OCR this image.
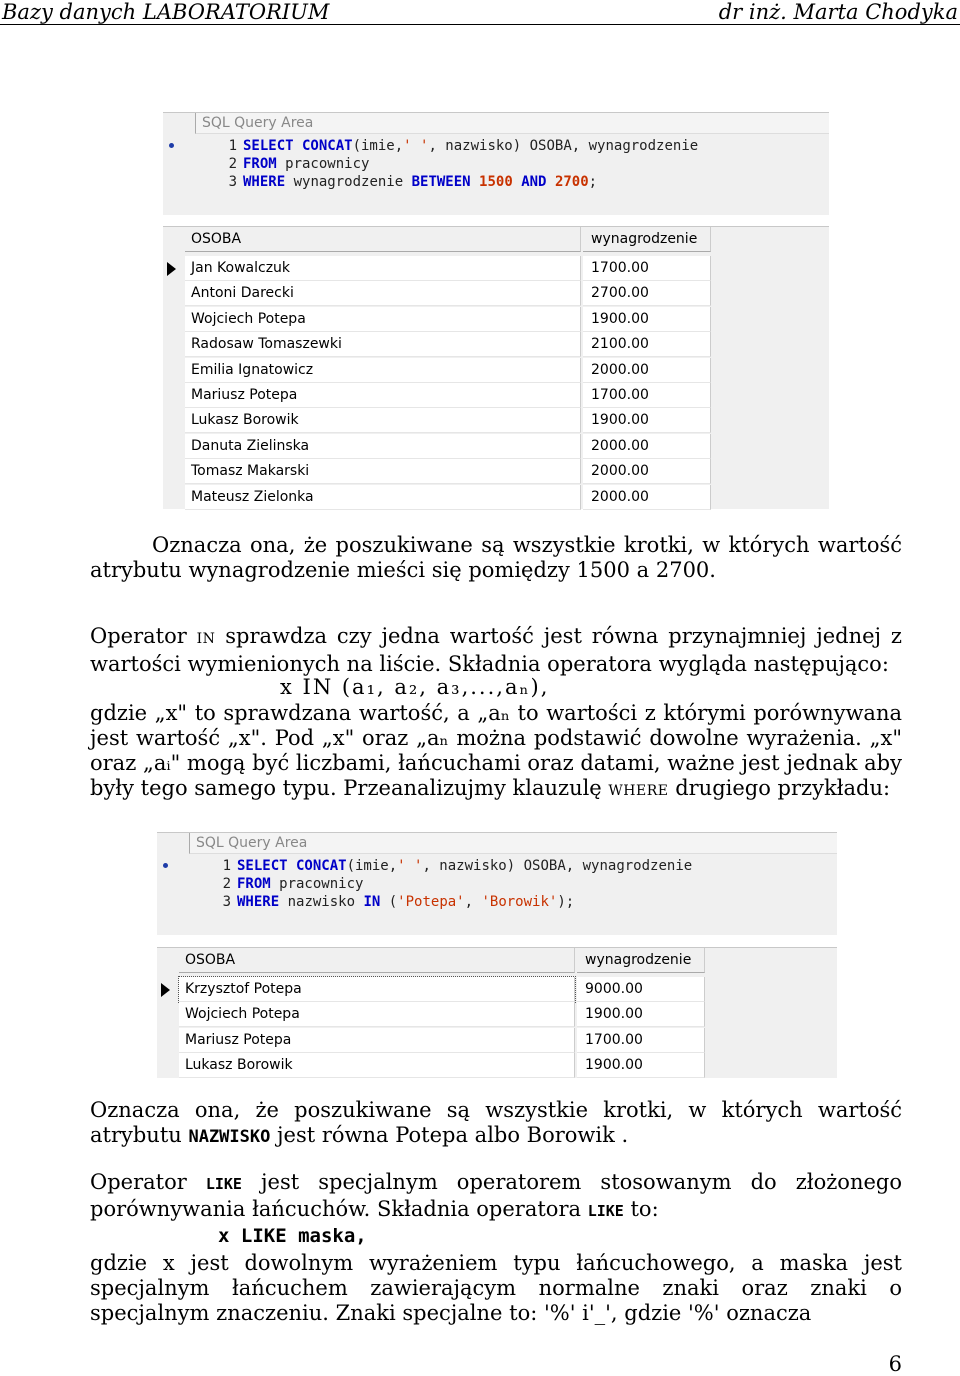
Bazy danych LABORATORIUM	dr inż. Marta Chodyka
SQL Query Area
1 SELECT CONCAT(imie,' ', nazwisko) OSOBA, wynagrodzenie
2 FROM pracownicy
3 WHERE wynagrodzenie BETWEEN 1500 AND 2700;
OSOBA	wynagrodzenie
Jan Kowalczuk	1700.00
Antoni Darecki	2700.00
Wojciech Potepa	1900.00
Radosaw Tomaszewki	2100.00
Emilia Ignatowicz	2000.00
Mariusz Potepa	1700.00
Lukasz Borowik	1900.00
Danuta Zielinska	2000.00
Tomasz Makarski	2000.00
Mateusz Zielonka	2000.00

Oznacza ona, że poszukiwane są wszystkie krotki, w których wartość atrybutu wynagrodzenie mieści się pomiędzy 1500 a 2700.

Operator IN sprawdza czy jedna wartość jest równa przynajmniej jednej z wartości wymienionych na liście. Składnia operatora wygląda następująco:

x IN (a₁, a₂, a₃,...,aₙ),

gdzie „x" to sprawdzana wartość, a „aₙ to wartości z którymi porównywana jest wartość „x". Pod „x" oraz „aₙ można podstawić dowolne wyrażenia. „x" oraz „aᵢ" mogą być liczbami, łańcuchami oraz datami, ważne jest jednak aby były tego samego typu. Przeanalizujmy klauzulę WHERE drugiego przykładu:

SQL Query Area
1 SELECT CONCAT(imie,' ', nazwisko) OSOBA, wynagrodzenie
2 FROM pracownicy
3 WHERE nazwisko IN ('Potepa', 'Borowik');
OSOBA	wynagrodzenie
Krzysztof Potepa	9000.00
Wojciech Potepa	1900.00
Mariusz Potepa	1700.00
Lukasz Borowik	1900.00

Oznacza ona, że poszukiwane są wszystkie krotki, w których wartość atrybutu NAZWISKO jest równa Potepa albo Borowik .

Operator LIKE jest specjalnym operatorem stosowanym do złożonego porównywania łańcuchów. Składnia operatora LIKE to:

x LIKE maska,

gdzie x jest dowolnym wyrażeniem typu łańcuchowego, a maska jest specjalnym łańcuchem zawierającym normalne znaki oraz znaki o specjalnym znaczeniu. Znaki specjalne to: '%' i'_', gdzie '%' oznacza

6
